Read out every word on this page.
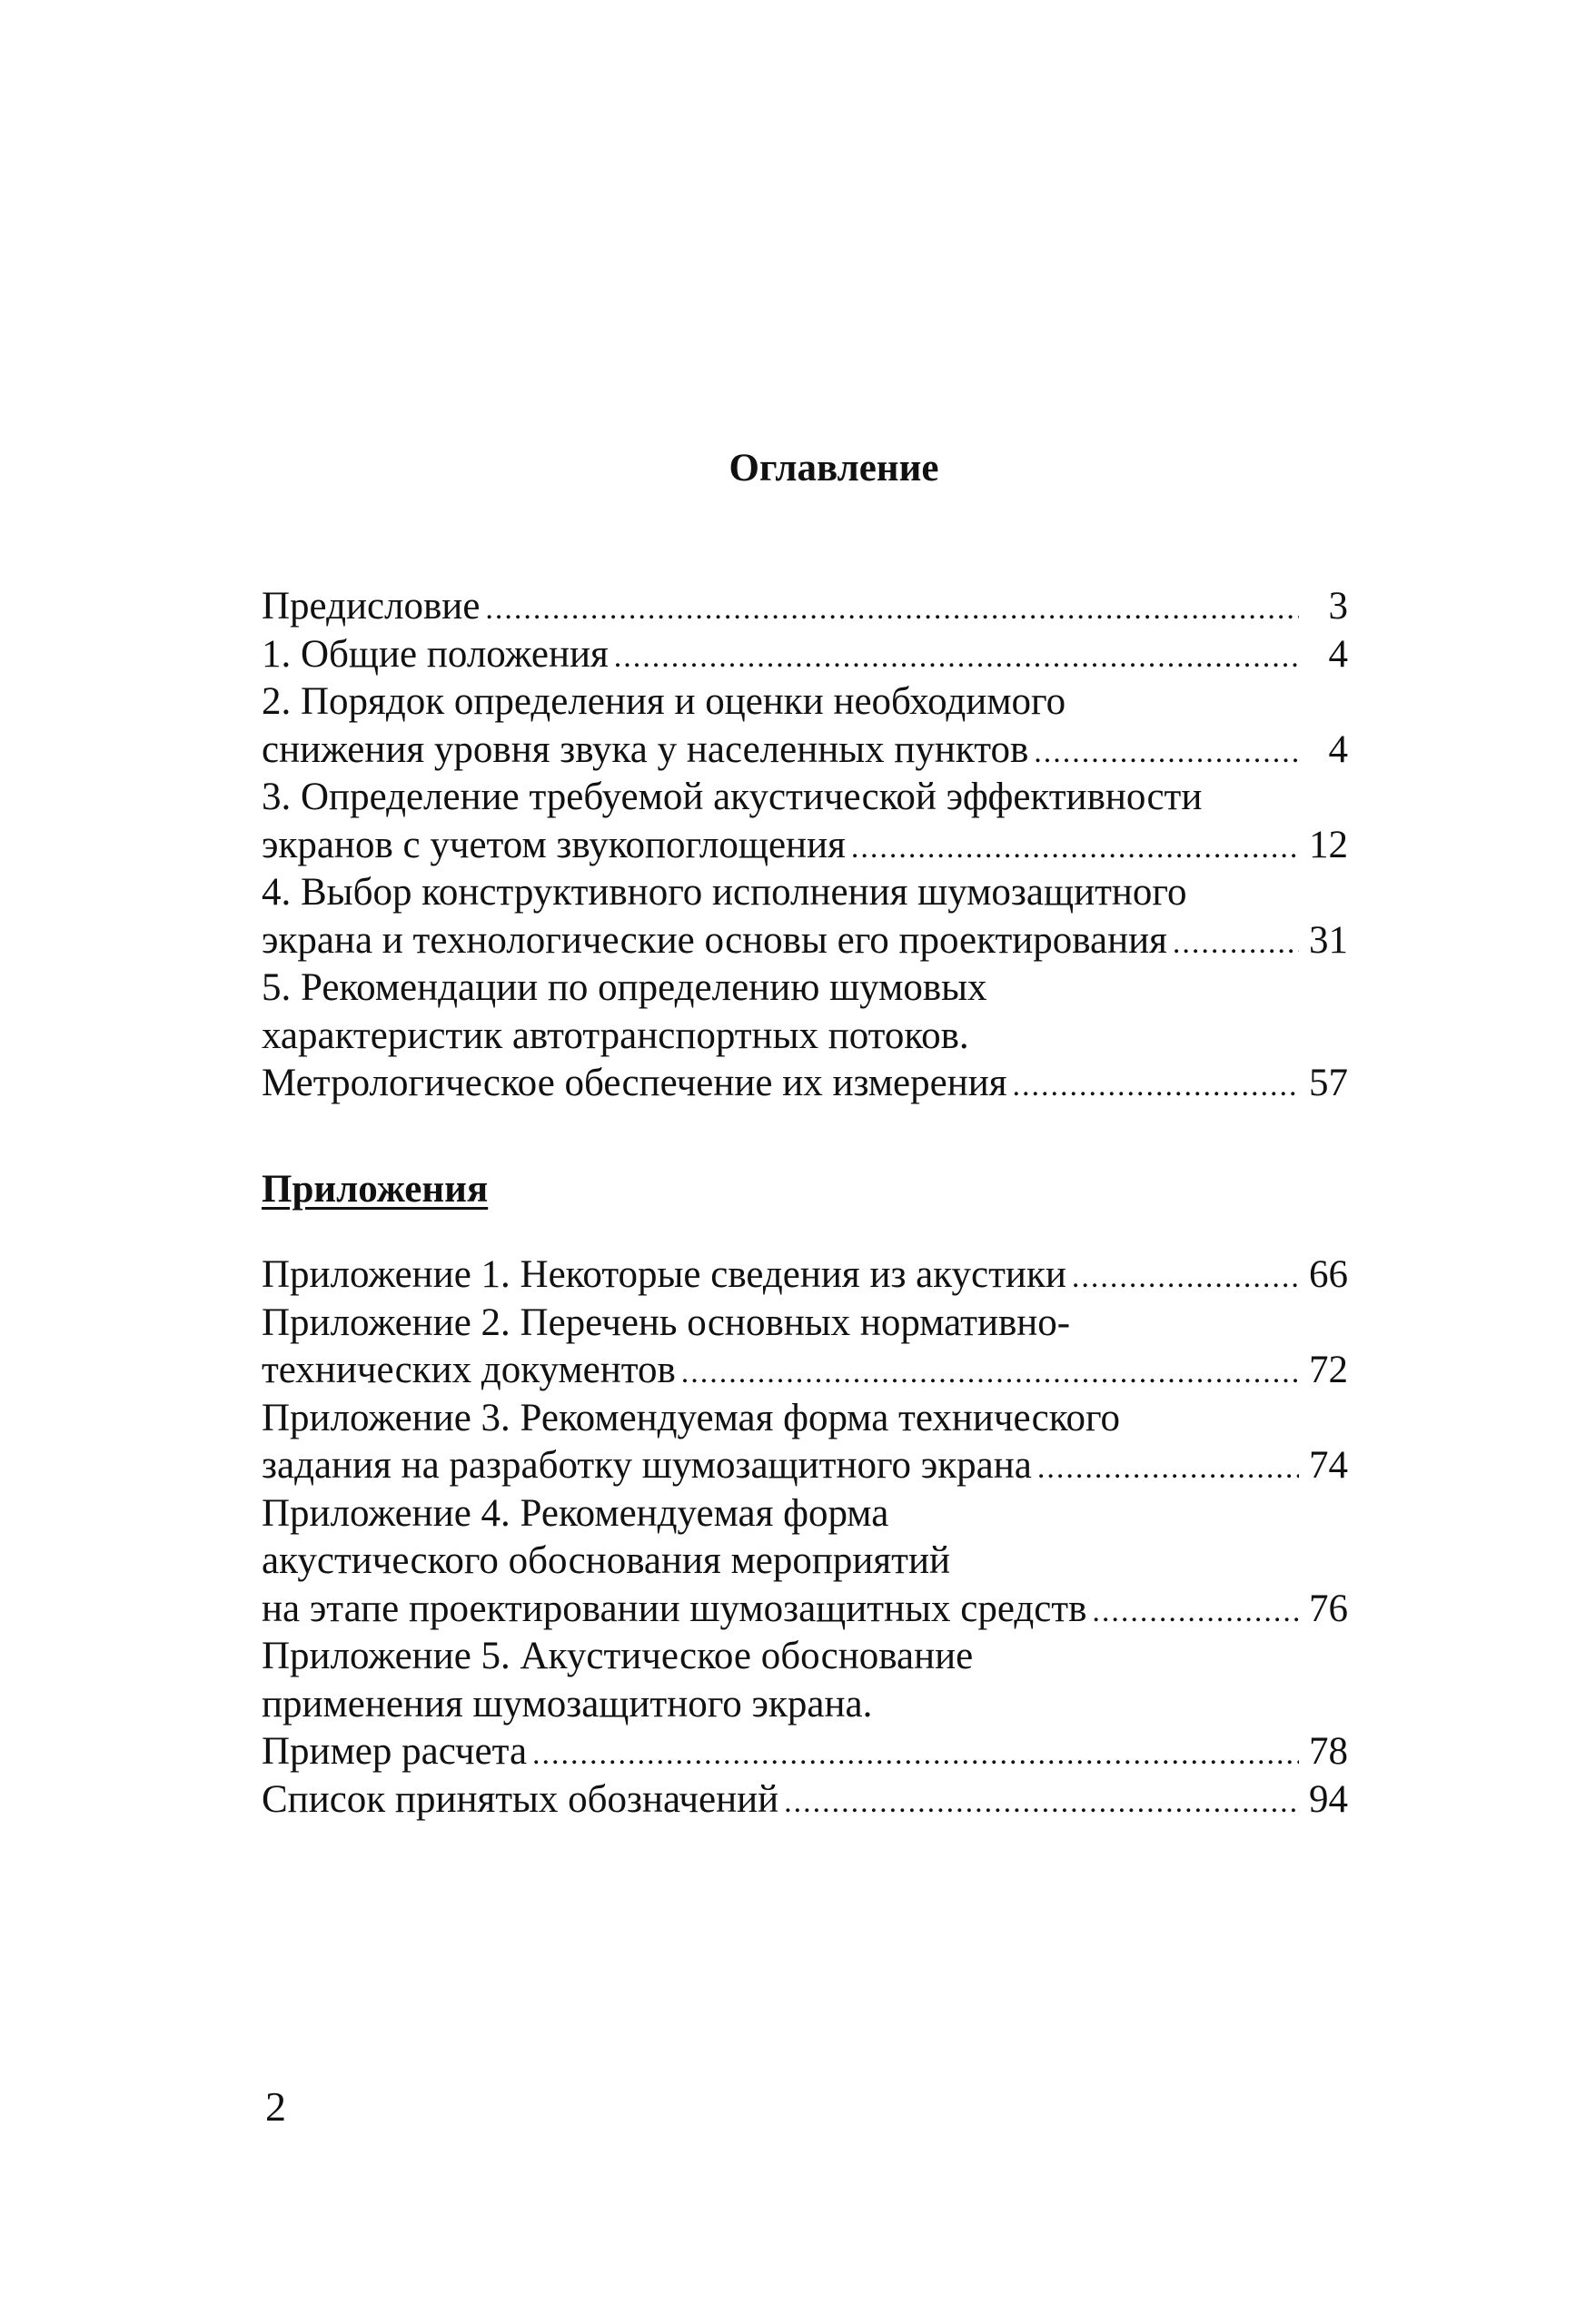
Оглавление
Предисловие .....	3
1. Общие положения .....	4
2. Порядок определения и оценки необходимого
снижения уровня звука у населенных пунктов .....	4
3. Определение требуемой акустической эффективности
экранов с учетом звукопоглощения .....	12
4. Выбор конструктивного исполнения шумозащитного
экрана и технологические основы его проектирования .....	31
5. Рекомендации по определению шумовых
характеристик автотранспортных потоков.
Метрологическое обеспечение их измерения .....	57
Приложения
Приложение 1. Некоторые сведения из акустики .....	66
Приложение 2. Перечень основных нормативно-
технических документов .....	72
Приложение 3. Рекомендуемая форма технического
задания на разработку шумозащитного экрана .....	74
Приложение 4. Рекомендуемая форма
акустического обоснования мероприятий
на этапе проектировании шумозащитных средств .....	76
Приложение 5. Акустическое обоснование
применения шумозащитного экрана.
Пример расчета .....	78
Список принятых обозначений .....	94
2
